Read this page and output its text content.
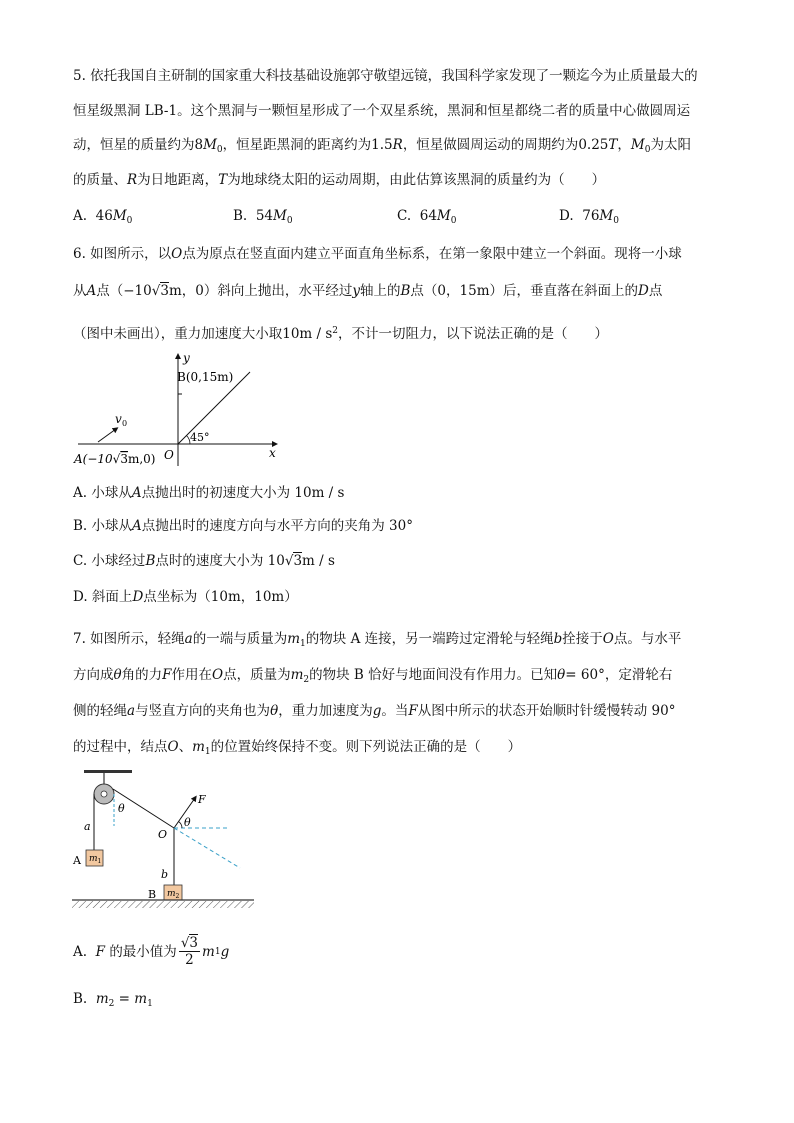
5. 依托我国自主研制的国家重大科技基础设施郭守敬望远镜，我国科学家发现了一颗迄今为止质量最大的
恒星级黑洞 LB-1。这个黑洞与一颗恒星形成了一个双星系统，黑洞和恒星都绕二者的质量中心做圆周运
动，恒星的质量约为$8M_0$，恒星距黑洞的距离约为1.5R，恒星做圆周运动的周期约为0.25T，$M_0$为太阳
的质量、R为日地距离，T为地球绕太阳的运动周期，由此估算该黑洞的质量约为（　　）
A. $46M_0$	B. $54M_0$	C. $64M_0$	D. $76M_0$
6. 如图所示，以O点为原点在竖直面内建立平面直角坐标系，在第一象限中建立一个斜面。现将一小球
从A点（−10√3m，0）斜向上抛出，水平经过y轴上的B点（0，15m）后，垂直落在斜面上的D点
（图中未画出），重力加速度大小取$10m / s^2$，不计一切阻力，以下说法正确的是（　　）
y
x
B(0,15m)
v 0
45°
O
A(−10√3m,0)
A. 小球从A点抛出时的初速度大小为 10m / s
B. 小球从A点抛出时的速度方向与水平方向的夹角为 30°
C. 小球经过B点时的速度大小为 10√3m / s
D. 斜面上D点坐标为（10m，10m）
7. 如图所示，轻绳a的一端与质量为$m_1$的物块 A 连接，另一端跨过定滑轮与轻绳b拴接于O点。与水平
方向成θ角的力F作用在O点，质量为$m_2$的物块 B 恰好与地面间没有作用力。已知θ= 60°，定滑轮右
侧的轻绳a与竖直方向的夹角也为θ，重力加速度为g。当F从图中所示的状态开始顺时针缓慢转动 90°
的过程中，结点O、$m_1$的位置始终保持不变。则下列说法正确的是（　　）
θ
θ
F
O
a
b
A
B
$m_1$
$m_2$
A.
F
的最小值为
√3
2
m 1 g
B. $m_2 = m_1$
